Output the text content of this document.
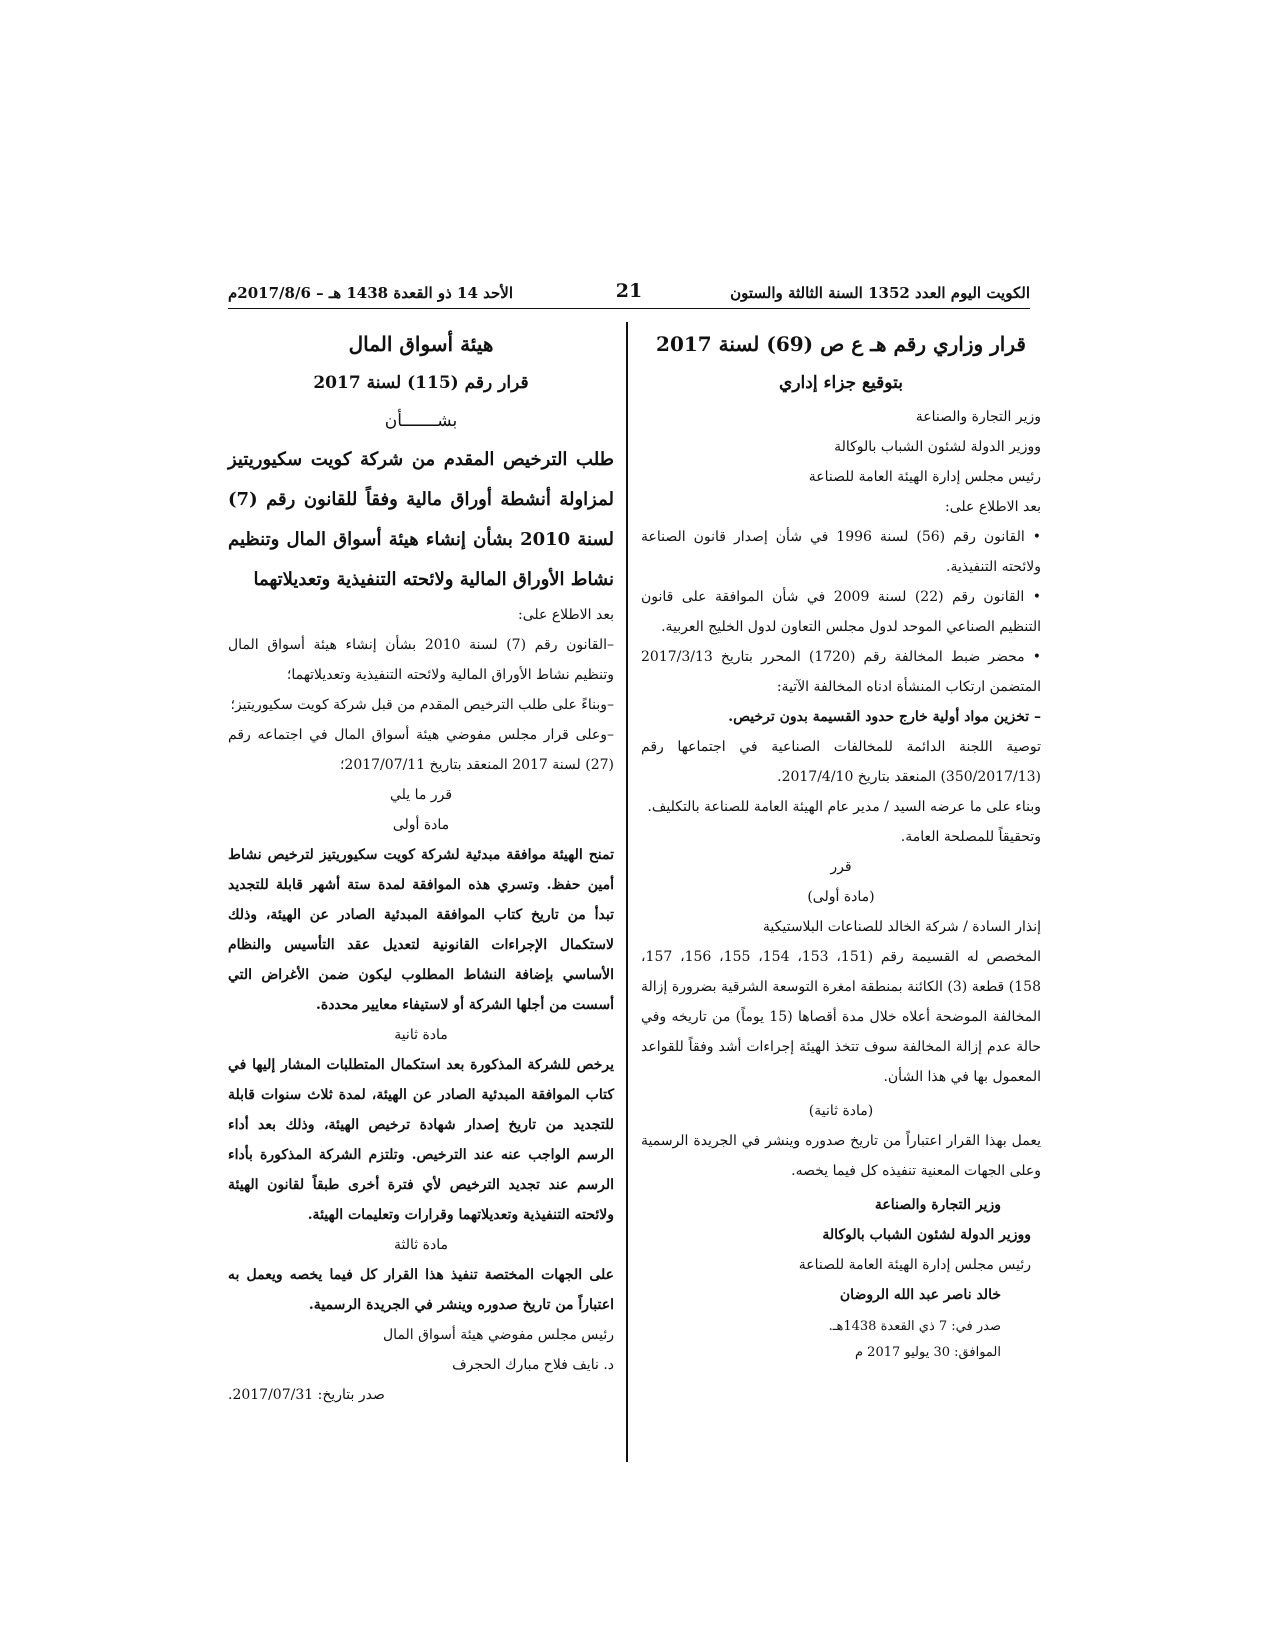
الكويت اليوم العدد 1352 السنة الثالثة والستون
21
الأحد 14 ذو القعدة 1438 هـ – 2017/8/6م

قرار وزاري رقم هـ ع ص (69) لسنة 2017

بتوقيع جزاء إداري

وزير التجارة والصناعة

ووزير الدولة لشئون الشباب بالوكالة

رئيس مجلس إدارة الهيئة العامة للصناعة

بعد الاطلاع على:

• القانون رقم (56) لسنة 1996 في شأن إصدار قانون الصناعة ولائحته التنفيذية.

• القانون رقم (22) لسنة 2009 في شأن الموافقة على قانون التنظيم الصناعي الموحد لدول مجلس التعاون لدول الخليج العربية.

• محضر ضبط المخالفة رقم (1720) المحرر بتاريخ 2017/3/13 المتضمن ارتكاب المنشأة ادناه المخالفة الآتية:

– تخزين مواد أولية خارج حدود القسيمة بدون ترخيص.

توصية اللجنة الدائمة للمخالفات الصناعية في اجتماعها رقم (350/2017/13) المنعقد بتاريخ 2017/4/10.

وبناء على ما عرضه السيد / مدير عام الهيئة العامة للصناعة بالتكليف.

وتحقيقاً للمصلحة العامة.

قرر

(مادة أولى)

إنذار السادة / شركة الخالد للصناعات البلاستيكية

المخصص له القسيمة رقم (151، 153، 154، 155، 156، 157، 158) قطعة (3) الكائنة بمنطقة امغرة التوسعة الشرقية بضرورة إزالة المخالفة الموضحة أعلاه خلال مدة أقصاها (15 يوماً) من تاريخه وفي حالة عدم إزالة المخالفة سوف تتخذ الهيئة إجراءات أشد وفقاً للقواعد المعمول بها في هذا الشأن.

(مادة ثانية)

يعمل بهذا القرار اعتباراً من تاريخ صدوره وينشر في الجريدة الرسمية وعلى الجهات المعنية تنفيذه كل فيما يخصه.

وزير التجارة والصناعة

ووزير الدولة لشئون الشباب بالوكالة

رئيس مجلس إدارة الهيئة العامة للصناعة

خالد ناصر عبد الله الروضان

صدر في: 7 ذي القعدة 1438هـ.

الموافق: 30 يوليو 2017 م

هيئة أسواق المال

قرار رقم (115) لسنة 2017

بشـــــــأن

طلب الترخيص المقدم من شركة كويت سكيوريتيز لمزاولة أنشطة أوراق مالية وفقاً للقانون رقم (7) لسنة 2010 بشأن إنشاء هيئة أسواق المال وتنظيم نشاط الأوراق المالية ولائحته التنفيذية وتعديلاتهما

بعد الاطلاع على:

–القانون رقم (7) لسنة 2010 بشأن إنشاء هيئة أسواق المال وتنظيم نشاط الأوراق المالية ولائحته التنفيذية وتعديلاتهما؛

–وبناءً على طلب الترخيص المقدم من قبل شركة كويت سكيوريتيز؛

–وعلى قرار مجلس مفوضي هيئة أسواق المال في اجتماعه رقم (27) لسنة 2017 المنعقد بتاريخ 2017/07/11؛

قرر ما يلي

مادة أولى

تمنح الهيئة موافقة مبدئية لشركة كويت سكيوريتيز لترخيص نشاط أمين حفظ. وتسري هذه الموافقة لمدة ستة أشهر قابلة للتجديد تبدأ من تاريخ كتاب الموافقة المبدئية الصادر عن الهيئة، وذلك لاستكمال الإجراءات القانونية لتعديل عقد التأسيس والنظام الأساسي بإضافة النشاط المطلوب ليكون ضمن الأغراض التي أسست من أجلها الشركة أو لاستيفاء معايير محددة.

مادة ثانية

يرخص للشركة المذكورة بعد استكمال المتطلبات المشار إليها في كتاب الموافقة المبدئية الصادر عن الهيئة، لمدة ثلاث سنوات قابلة للتجديد من تاريخ إصدار شهادة ترخيص الهيئة، وذلك بعد أداء الرسم الواجب عنه عند الترخيص. وتلتزم الشركة المذكورة بأداء الرسم عند تجديد الترخيص لأي فترة أخرى طبقاً لقانون الهيئة ولائحته التنفيذية وتعديلاتهما وقرارات وتعليمات الهيئة.

مادة ثالثة

على الجهات المختصة تنفيذ هذا القرار كل فيما يخصه ويعمل به اعتباراً من تاريخ صدوره وينشر في الجريدة الرسمية.

رئيس مجلس مفوضي هيئة أسواق المال

د. نايف فلاح مبارك الحجرف

صدر بتاريخ: 2017/07/31.
